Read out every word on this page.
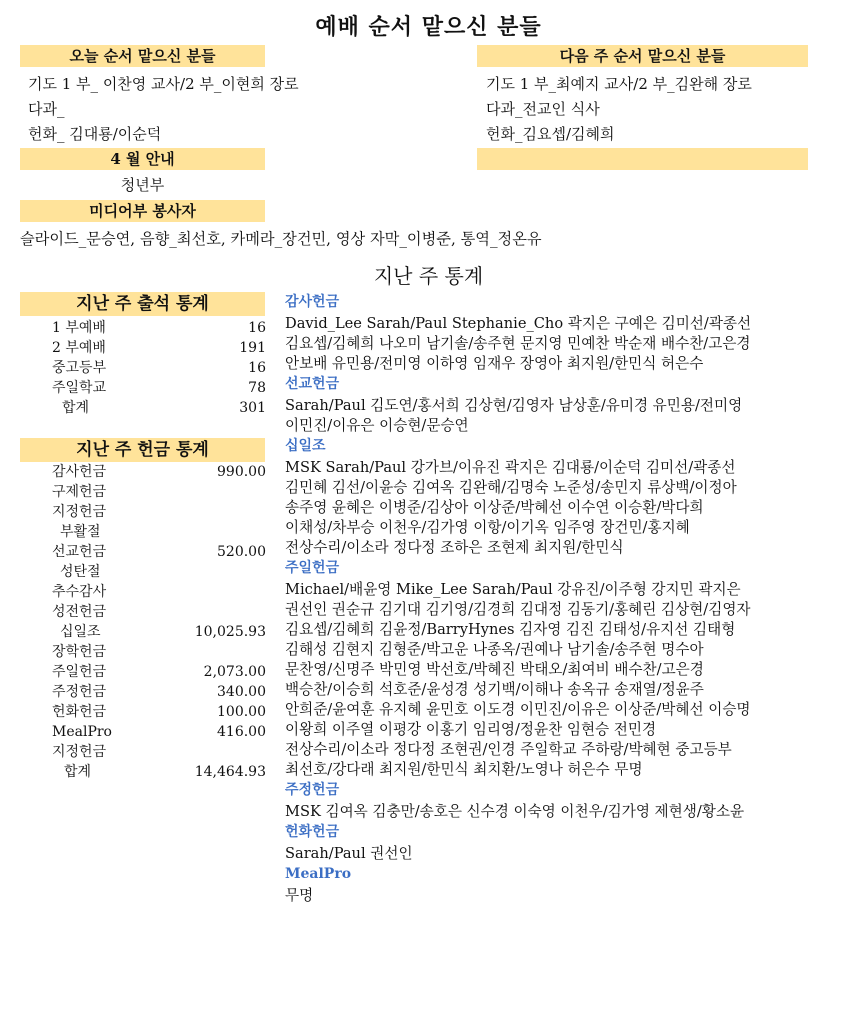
예배 순서 맡으신 분들
오늘 순서 맡으신 분들
기도 1 부_ 이찬영 교사/2 부_이현희 장로
다과_
헌화_ 김대룡/이순덕
다음 주 순서 맡으신 분들
기도 1 부_최예지 교사/2 부_김완해 장로
다과_전교인 식사
헌화_김요셉/김혜희
4 월 안내
청년부
미디어부 봉사자
슬라이드_문승연, 음향_최선호, 카메라_장건민, 영상 자막_이병준, 통역_정온유
지난 주 통계
지난 주 출석 통계
1 부예배	16
2 부예배	191
중고등부	16
주일학교	78
합계	301
지난 주 헌금 통계
감사헌금	990.00
구제헌금	
지정헌금	
부활절	
선교헌금	520.00
성탄절	
추수감사	
성전헌금	
십일조	10,025.93
장학헌금	
주일헌금	2,073.00
주정헌금	340.00
헌화헌금	100.00
MealPro	416.00
지정헌금	
합계	14,464.93
감사헌금
David_Lee Sarah/Paul Stephanie_Cho 곽지은 구예은 김미선/곽종선
김요셉/김혜희 나오미 남기솔/송주현 문지영 민예찬 박순재 배수찬/고은경
안보배 유민용/전미영 이하영 임재우 장영아 최지원/한민식 허은수
선교헌금
Sarah/Paul 김도연/홍서희 김상현/김영자 남상훈/유미경 유민용/전미영
이민진/이유은 이승현/문승연
십일조
MSK Sarah/Paul 강가브/이유진 곽지은 김대룡/이순덕 김미선/곽종선
김민혜 김선/이윤승 김여옥 김완해/김명숙 노준성/송민지 류상백/이정아
송주영 윤혜은 이병준/김상아 이상준/박혜선 이수연 이승환/박다희
이채성/차부승 이천우/김가영 이항/이기옥 임주영 장건민/홍지혜
전상수리/이소라 정다정 조하은 조현제 최지원/한민식
주일헌금
Michael/배윤영 Mike_Lee Sarah/Paul 강유진/이주형 강지민 곽지은
권선인 권순규 김기대 김기영/김경희 김대정 김동기/홍혜린 김상현/김영자
김요셉/김혜희 김윤정/BarryHynes 김자영 김진 김태성/유지선 김태형
김해성 김현지 김형준/박고운 나종옥/권예나 남기솔/송주현 명수아
문찬영/신명주 박민영 박선호/박혜진 박태오/최여비 배수찬/고은경
백승찬/이승희 석호준/윤성경 성기백/이해나 송옥규 송재열/정윤주
안희준/윤여훈 유지혜 윤민호 이도경 이민진/이유은 이상준/박혜선 이승명
이왕희 이주열 이평강 이홍기 임리영/정윤찬 임현승 전민경
전상수리/이소라 정다정 조현권/인경 주일학교 주하랑/박혜현 중고등부
최선호/강다래 최지원/한민식 최치환/노영나 허은수 무명
주정헌금
MSK 김여옥 김충만/송호은 신수경 이숙영 이천우/김가영 제현생/황소윤
헌화헌금
Sarah/Paul 권선인
MealPro
무명
